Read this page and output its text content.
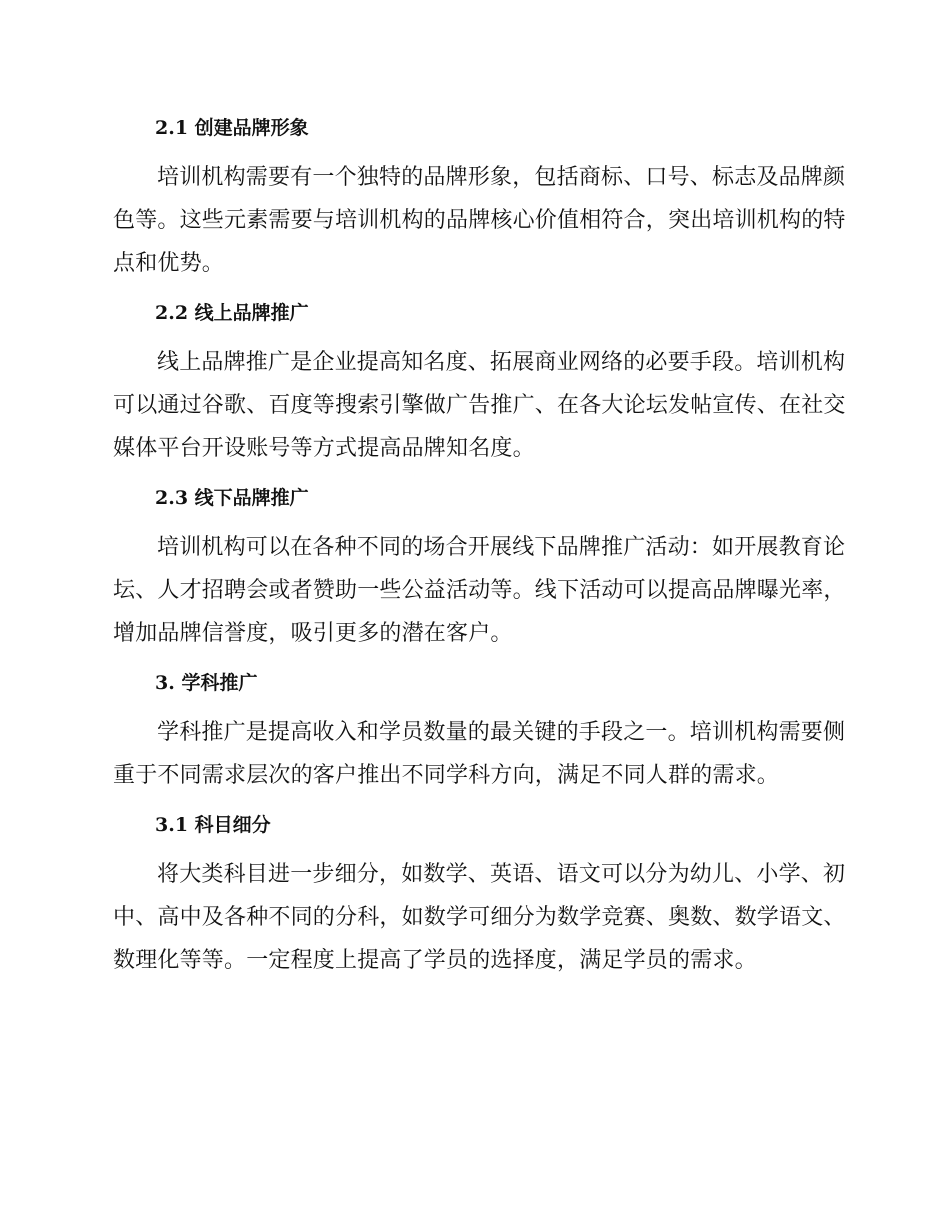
2.1 创建品牌形象

培训机构需要有一个独特的品牌形象，包括商标、口号、标志及品牌颜
色等。这些元素需要与培训机构的品牌核心价值相符合，突出培训机构的特
点和优势。

2.2 线上品牌推广

线上品牌推广是企业提高知名度、拓展商业网络的必要手段。培训机构
可以通过谷歌、百度等搜索引擎做广告推广、在各大论坛发帖宣传、在社交
媒体平台开设账号等方式提高品牌知名度。

2.3 线下品牌推广

培训机构可以在各种不同的场合开展线下品牌推广活动：如开展教育论
坛、人才招聘会或者赞助一些公益活动等。线下活动可以提高品牌曝光率，
增加品牌信誉度，吸引更多的潜在客户。

3. 学科推广

学科推广是提高收入和学员数量的最关键的手段之一。培训机构需要侧
重于不同需求层次的客户推出不同学科方向，满足不同人群的需求。

3.1 科目细分

将大类科目进一步细分，如数学、英语、语文可以分为幼儿、小学、初
中、高中及各种不同的分科，如数学可细分为数学竞赛、奥数、数学语文、
数理化等等。一定程度上提高了学员的选择度，满足学员的需求。
